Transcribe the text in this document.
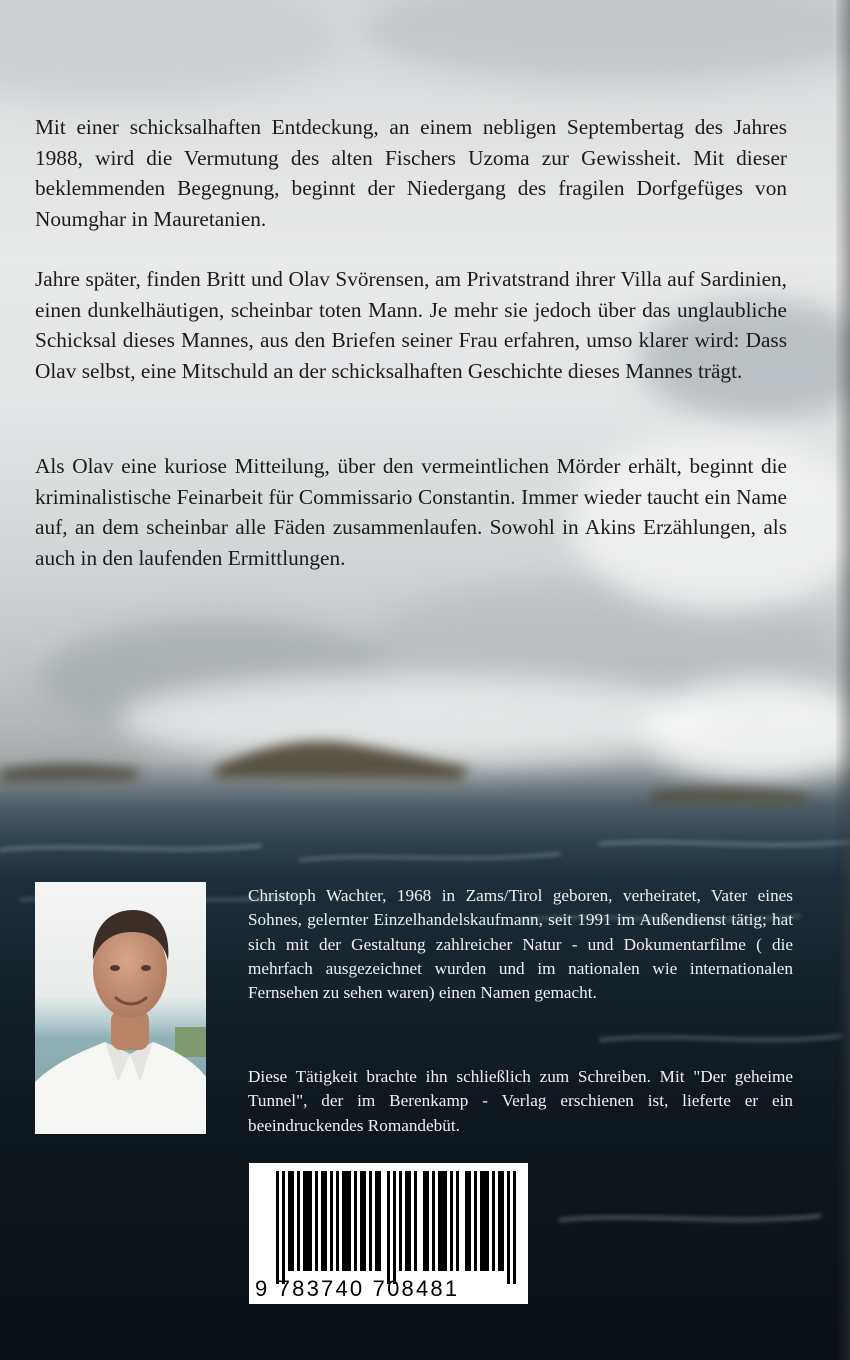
Mit einer schicksalhaften Entdeckung, an einem nebligen Septembertag des Jahres 1988, wird die Vermutung des alten Fischers Uzoma zur Gewissheit. Mit dieser beklemmenden Begegnung, beginnt der Niedergang des fragilen Dorfgefüges von Noumghar in Mauretanien.

Jahre später, finden Britt und Olav Svörensen, am Privatstrand ihrer Villa auf Sardinien, einen dunkelhäutigen, scheinbar toten Mann. Je mehr sie jedoch über das unglaubliche Schicksal dieses Mannes, aus den Briefen seiner Frau erfahren, umso klarer wird: Dass Olav selbst, eine Mitschuld an der schicksalhaften Geschichte dieses Mannes trägt.

Als Olav eine kuriose Mitteilung, über den vermeintlichen Mörder erhält, beginnt die kriminalistische Feinarbeit für Commissario Constantin. Immer wieder taucht ein Name auf, an dem scheinbar alle Fäden zusammenlaufen. Sowohl in Akins Erzählungen, als auch in den laufenden Ermittlungen.

Christoph Wachter, 1968 in Zams/Tirol geboren, verheiratet, Vater eines Sohnes, gelernter Einzelhandelskaufmann, seit 1991 im Außendienst tätig; hat sich mit der Gestaltung zahlreicher Natur - und Dokumentarfilme ( die mehrfach ausgezeichnet wurden und im nationalen wie internationalen Fernsehen zu sehen waren) einen Namen gemacht.

Diese Tätigkeit brachte ihn schließlich zum Schreiben. Mit "Der geheime Tunnel", der im Berenkamp - Verlag erschienen ist, lieferte er ein beeindruckendes Romandebüt.

9 783740 708481
